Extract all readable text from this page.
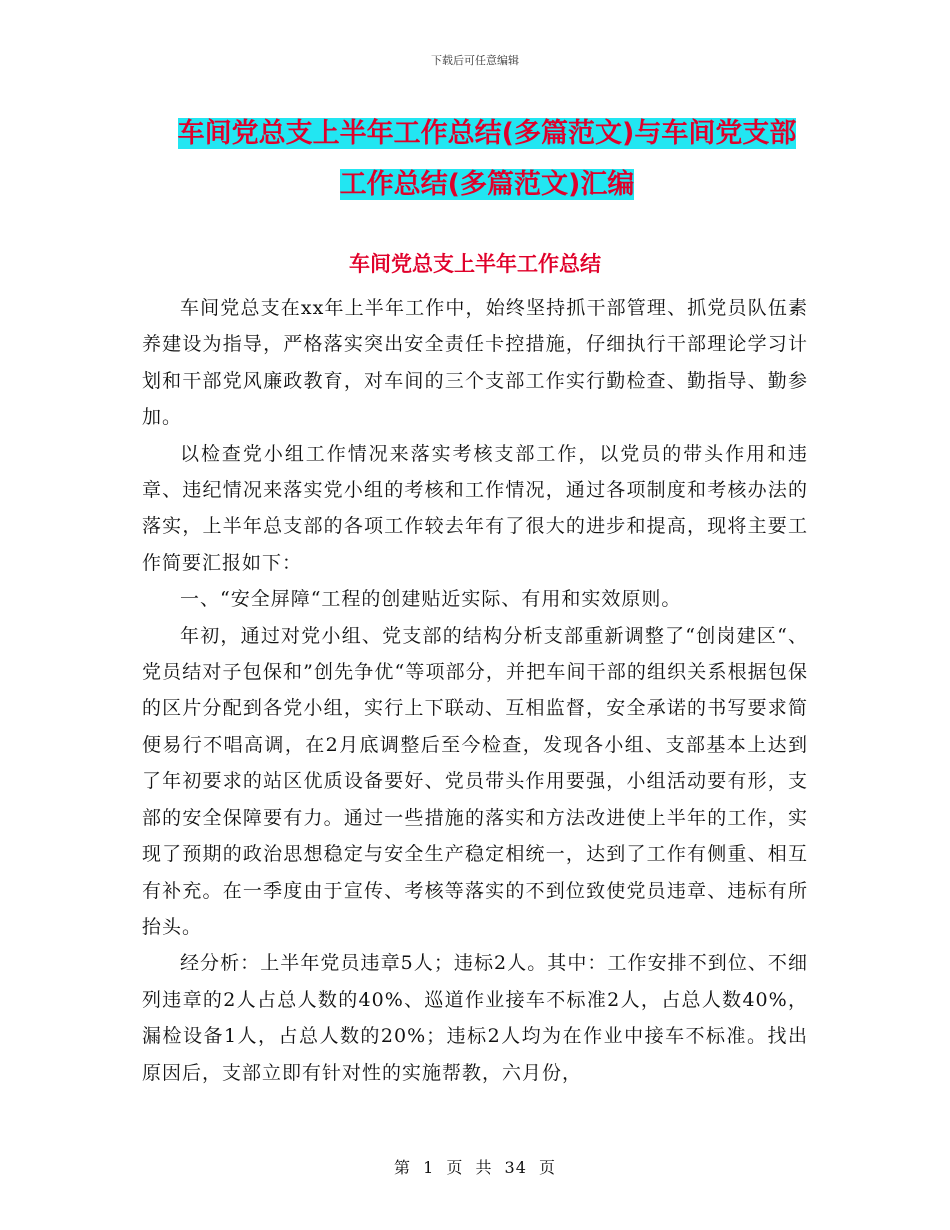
下载后可任意编辑
车间党总支上半年工作总结(多篇范文)与车间党支部
工作总结(多篇范文)汇编
车间党总支上半年工作总结

车间党总支在xx年上半年工作中，始终坚持抓干部管理、抓党员队伍素养建设为指导，严格落实突出安全责任卡控措施，仔细执行干部理论学习计划和干部党风廉政教育，对车间的三个支部工作实行勤检查、勤指导、勤参加。

以检查党小组工作情况来落实考核支部工作，以党员的带头作用和违章、违纪情况来落实党小组的考核和工作情况，通过各项制度和考核办法的落实，上半年总支部的各项工作较去年有了很大的进步和提高，现将主要工作简要汇报如下：

一、“安全屏障“工程的创建贴近实际、有用和实效原则。

年初，通过对党小组、党支部的结构分析支部重新调整了“创岗建区“、党员结对子包保和”创先争优“等项部分，并把车间干部的组织关系根据包保的区片分配到各党小组，实行上下联动、互相监督，安全承诺的书写要求简便易行不唱高调，在2月底调整后至今检查，发现各小组、支部基本上达到了年初要求的站区优质设备要好、党员带头作用要强，小组活动要有形，支部的安全保障要有力。通过一些措施的落实和方法改进使上半年的工作，实现了预期的政治思想稳定与安全生产稳定相统一，达到了工作有侧重、相互有补充。在一季度由于宣传、考核等落实的不到位致使党员违章、违标有所抬头。

经分析：上半年党员违章5人；违标2人。其中：工作安排不到位、不细列违章的2人占总人数的40%、巡道作业接车不标准2人，占总人数40%，漏检设备1人，占总人数的20%；违标2人均为在作业中接车不标准。找出原因后，支部立即有针对性的实施帮教，六月份，

第 1 页 共 34 页
